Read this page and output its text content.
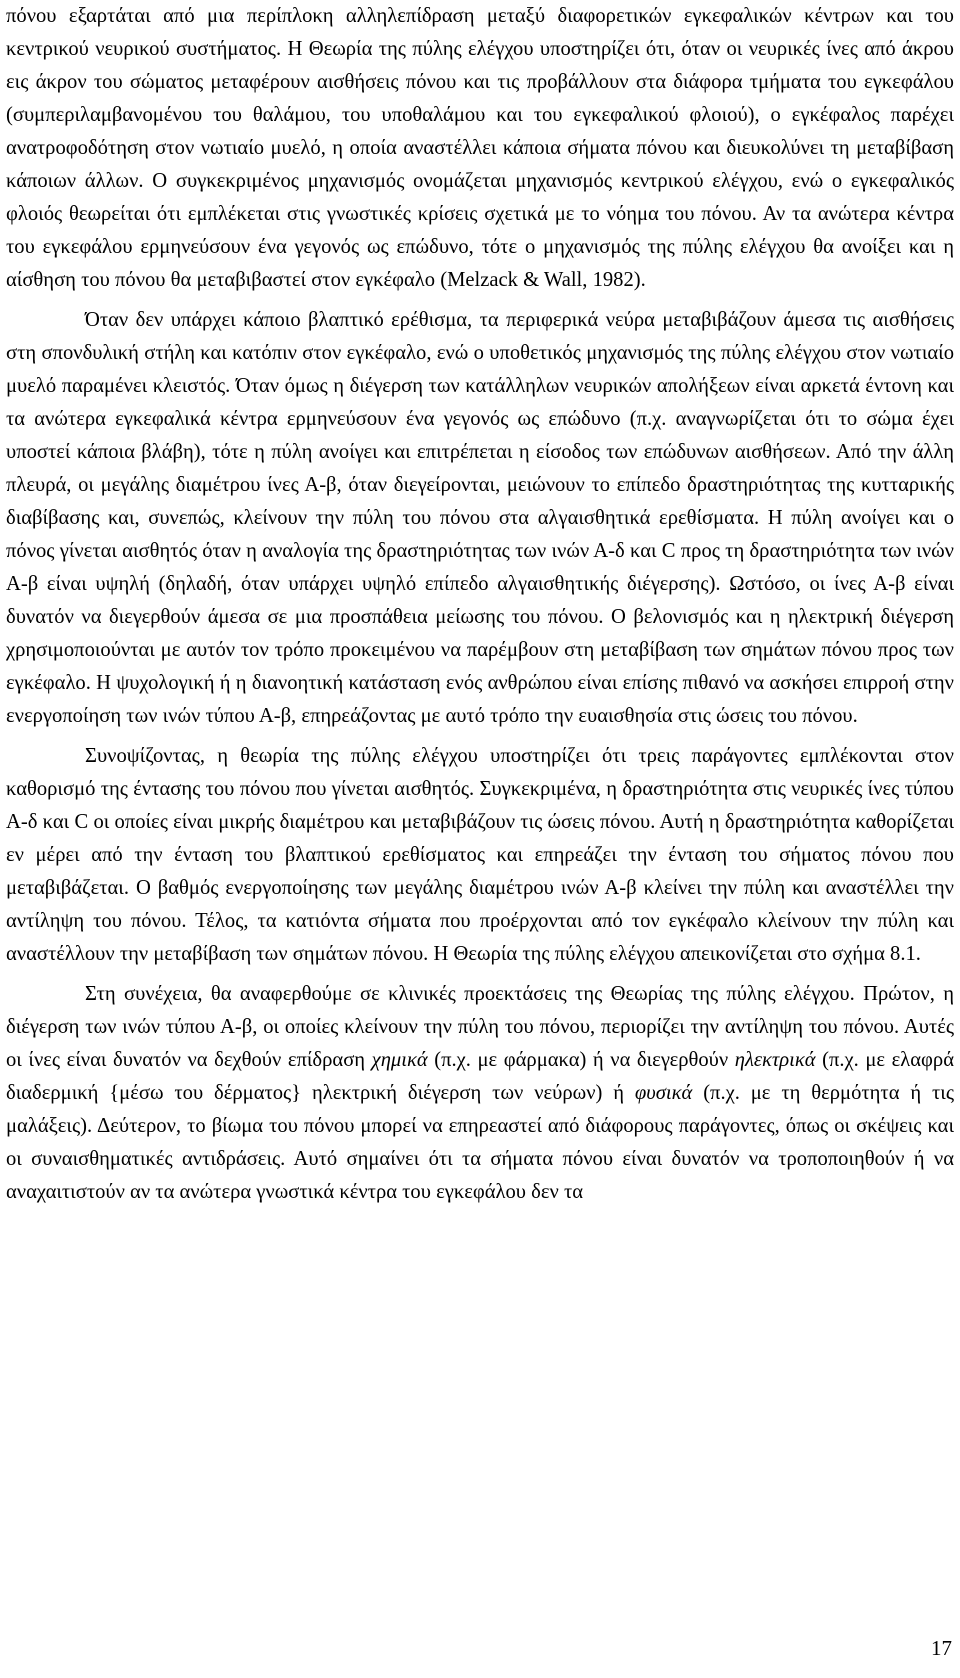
πόνου εξαρτάται από μια περίπλοκη αλληλεπίδραση μεταξύ διαφορετικών εγκεφαλικών κέντρων και του κεντρικού νευρικού συστήματος. Η Θεωρία της πύλης ελέγχου υποστηρίζει ότι, όταν οι νευρικές ίνες από άκρου εις άκρον του σώματος μεταφέρουν αισθήσεις πόνου και τις προβάλλουν στα διάφορα τμήματα του εγκεφάλου (συμπεριλαμβανομένου του θαλάμου, του υποθαλάμου και του εγκεφαλικού φλοιού), ο εγκέφαλος παρέχει ανατροφοδότηση στον νωτιαίο μυελό, η οποία αναστέλλει κάποια σήματα πόνου και διευκολύνει τη μεταβίβαση κάποιων άλλων. Ο συγκεκριμένος μηχανισμός ονομάζεται μηχανισμός κεντρικού ελέγχου, ενώ ο εγκεφαλικός φλοιός θεωρείται ότι εμπλέκεται στις γνωστικές κρίσεις σχετικά με το νόημα του πόνου. Αν τα ανώτερα κέντρα του εγκεφάλου ερμηνεύσουν ένα γεγονός ως επώδυνο, τότε ο μηχανισμός της πύλης ελέγχου θα ανοίξει και η αίσθηση του πόνου θα μεταβιβαστεί στον εγκέφαλο (Melzack & Wall, 1982).

Όταν δεν υπάρχει κάποιο βλαπτικό ερέθισμα, τα περιφερικά νεύρα μεταβιβάζουν άμεσα τις αισθήσεις στη σπονδυλική στήλη και κατόπιν στον εγκέφαλο, ενώ ο υποθετικός μηχανισμός της πύλης ελέγχου στον νωτιαίο μυελό παραμένει κλειστός. Όταν όμως η διέγερση των κατάλληλων νευρικών απολήξεων είναι αρκετά έντονη και τα ανώτερα εγκεφαλικά κέντρα ερμηνεύσουν ένα γεγονός ως επώδυνο (π.χ. αναγνωρίζεται ότι το σώμα έχει υποστεί κάποια βλάβη), τότε η πύλη ανοίγει και επιτρέπεται η είσοδος των επώδυνων αισθήσεων. Από την άλλη πλευρά, οι μεγάλης διαμέτρου ίνες Α-β, όταν διεγείρονται, μειώνουν το επίπεδο δραστηριότητας της κυτταρικής διαβίβασης και, συνεπώς, κλείνουν την πύλη του πόνου στα αλγαισθητικά ερεθίσματα. Η πύλη ανοίγει και ο πόνος γίνεται αισθητός όταν η αναλογία της δραστηριότητας των ινών Α-δ και C προς τη δραστηριότητα των ινών Α-β είναι υψηλή (δηλαδή, όταν υπάρχει υψηλό επίπεδο αλγαισθητικής διέγερσης). Ωστόσο, οι ίνες Α-β είναι δυνατόν να διεγερθούν άμεσα σε μια προσπάθεια μείωσης του πόνου. Ο βελονισμός και η ηλεκτρική διέγερση χρησιμοποιούνται με αυτόν τον τρόπο προκειμένου να παρέμβουν στη μεταβίβαση των σημάτων πόνου προς των εγκέφαλο. Η ψυχολογική ή η διανοητική κατάσταση ενός ανθρώπου είναι επίσης πιθανό να ασκήσει επιρροή στην ενεργοποίηση των ινών τύπου Α-β, επηρεάζοντας με αυτό τρόπο την ευαισθησία στις ώσεις του πόνου.

Συνοψίζοντας, η θεωρία της πύλης ελέγχου υποστηρίζει ότι τρεις παράγοντες εμπλέκονται στον καθορισμό της έντασης του πόνου που γίνεται αισθητός. Συγκεκριμένα, η δραστηριότητα στις νευρικές ίνες τύπου Α-δ και C οι οποίες είναι μικρής διαμέτρου και μεταβιβάζουν τις ώσεις πόνου. Αυτή η δραστηριότητα καθορίζεται εν μέρει από την ένταση του βλαπτικού ερεθίσματος και επηρεάζει την ένταση του σήματος πόνου που μεταβιβάζεται. Ο βαθμός ενεργοποίησης των μεγάλης διαμέτρου ινών Α-β κλείνει την πύλη και αναστέλλει την αντίληψη του πόνου. Τέλος, τα κατιόντα σήματα που προέρχονται από τον εγκέφαλο κλείνουν την πύλη και αναστέλλουν την μεταβίβαση των σημάτων πόνου. Η Θεωρία της πύλης ελέγχου απεικονίζεται στο σχήμα 8.1.

Στη συνέχεια, θα αναφερθούμε σε κλινικές προεκτάσεις της Θεωρίας της πύλης ελέγχου. Πρώτον, η διέγερση των ινών τύπου Α-β, οι οποίες κλείνουν την πύλη του πόνου, περιορίζει την αντίληψη του πόνου. Αυτές οι ίνες είναι δυνατόν να δεχθούν επίδραση χημικά (π.χ. με φάρμακα) ή να διεγερθούν ηλεκτρικά (π.χ. με ελαφρά διαδερμική {μέσω του δέρματος} ηλεκτρική διέγερση των νεύρων) ή φυσικά (π.χ. με τη θερμότητα ή τις μαλάξεις). Δεύτερον, το βίωμα του πόνου μπορεί να επηρεαστεί από διάφορους παράγοντες, όπως οι σκέψεις και οι συναισθηματικές αντιδράσεις. Αυτό σημαίνει ότι τα σήματα πόνου είναι δυνατόν να τροποποιηθούν ή να αναχαιτιστούν αν τα ανώτερα γνωστικά κέντρα του εγκεφάλου δεν τα

17
